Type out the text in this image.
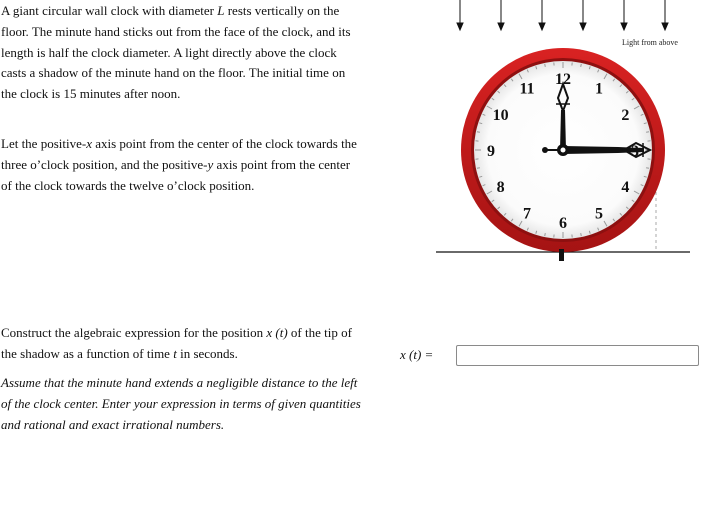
A giant circular wall clock with diameter L rests vertically on the floor. The minute hand sticks out from the face of the clock, and its length is half the clock diameter. A light directly above the clock casts a shadow of the minute hand on the floor. The initial time on the clock is 15 minutes after noon.
Let the positive-x axis point from the center of the clock towards the three o’clock position, and the positive-y axis point from the center of the clock towards the twelve o’clock position.
Construct the algebraic expression for the position x (t) of the tip of the shadow as a function of time t in seconds.
Assume that the minute hand extends a negligible distance to the left of the clock center. Enter your expression in terms of given quantities and rational and exact irrational numbers.
Light from above
12
1
2
4
5
6
7
8
9
10
11
x (t) =
